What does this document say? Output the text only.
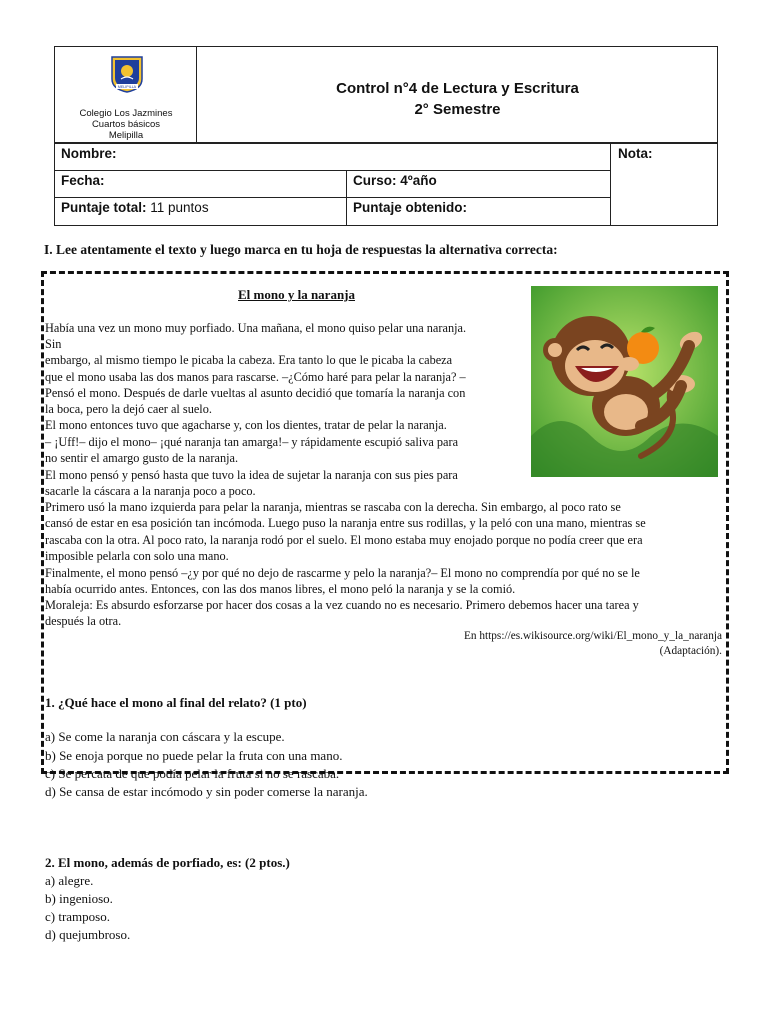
MELIPILLA
Colegio Los Jazmines
Cuartos básicos
Melipilla
Control n°4 de Lectura y Escritura
2° Semestre
Nombre:	Nota:
Fecha:	Curso: 4ºaño
Puntaje total: 11 puntos	Puntaje obtenido:
I. Lee atentamente el texto y luego marca en tu hoja de respuestas la alternativa correcta:
El mono y la naranja
Había una vez un mono muy porfiado. Una mañana, el mono quiso pelar una naranja.
Sin
embargo, al mismo tiempo le picaba la cabeza. Era tanto lo que le picaba la cabeza
que el mono usaba las dos manos para rascarse. –¿Cómo haré para pelar la naranja? –
Pensó el mono. Después de darle vueltas al asunto decidió que tomaría la naranja con
la boca, pero la dejó caer al suelo.
El mono entonces tuvo que agacharse y, con los dientes, tratar de pelar la naranja.
– ¡Uff!– dijo el mono– ¡qué naranja tan amarga!– y rápidamente escupió saliva para
no sentir el amargo gusto de la naranja.
El mono pensó y pensó hasta que tuvo la idea de sujetar la naranja con sus pies para
sacarle la cáscara a la naranja poco a poco.
Primero usó la mano izquierda para pelar la naranja, mientras se rascaba con la derecha. Sin embargo, al poco rato se
cansó de estar en esa posición tan incómoda. Luego puso la naranja entre sus rodillas, y la peló con una mano, mientras se
rascaba con la otra. Al poco rato, la naranja rodó por el suelo. El mono estaba muy enojado porque no podía creer que era
imposible pelarla con solo una mano.
Finalmente, el mono pensó –¿y por qué no dejo de rascarme y pelo la naranja?– El mono no comprendía por qué no se le
había ocurrido antes. Entonces, con las dos manos libres, el mono peló la naranja y se la comió.
Moraleja: Es absurdo esforzarse por hacer dos cosas a la vez cuando no es necesario. Primero debemos hacer una tarea y
después la otra.
En https://es.wikisource.org/wiki/El_mono_y_la_naranja
(Adaptación).
1. ¿Qué hace el mono al final del relato? (1 pto)
a) Se come la naranja con cáscara y la escupe.
b) Se enoja porque no puede pelar la fruta con una mano.
c) Se percata de que podía pelar la fruta si no se rascaba.
d) Se cansa de estar incómodo y sin poder comerse la naranja.
2. El mono, además de porfiado, es: (2 ptos.)
a) alegre.
b) ingenioso.
c) tramposo.
d) quejumbroso.
